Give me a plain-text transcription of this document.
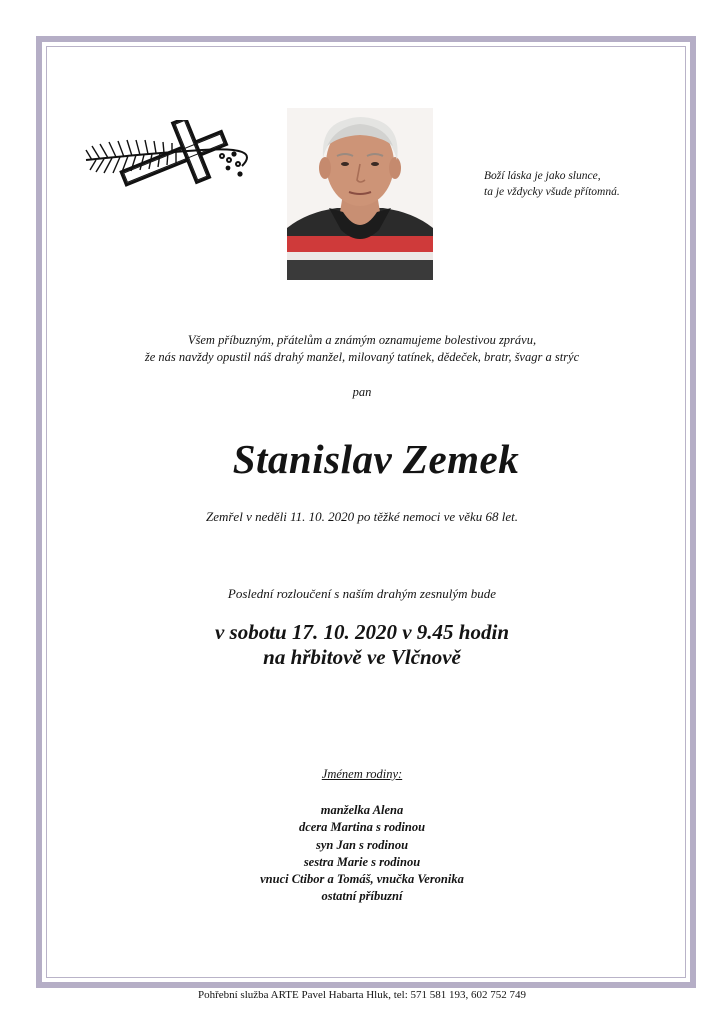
Boží láska je jako slunce,
ta je vždycky všude přítomná.
Všem příbuzným, přátelům a známým oznamujeme bolestivou zprávu,
že nás navždy opustil náš drahý manžel, milovaný tatínek, dědeček, bratr, švagr a strýc
pan
Stanislav Zemek
Zemřel v neděli 11. 10. 2020 po těžké nemoci ve věku 68 let.
Poslední rozloučení s naším drahým zesnulým bude
v sobotu 17. 10. 2020 v 9.45 hodin
na hřbitově ve Vlčnově
Jménem rodiny:
manželka Alena
dcera Martina s rodinou
syn Jan s rodinou
sestra Marie s rodinou
vnuci Ctibor a Tomáš, vnučka Veronika
ostatní příbuzní
Pohřební služba ARTE Pavel Habarta Hluk, tel: 571 581 193, 602 752 749
